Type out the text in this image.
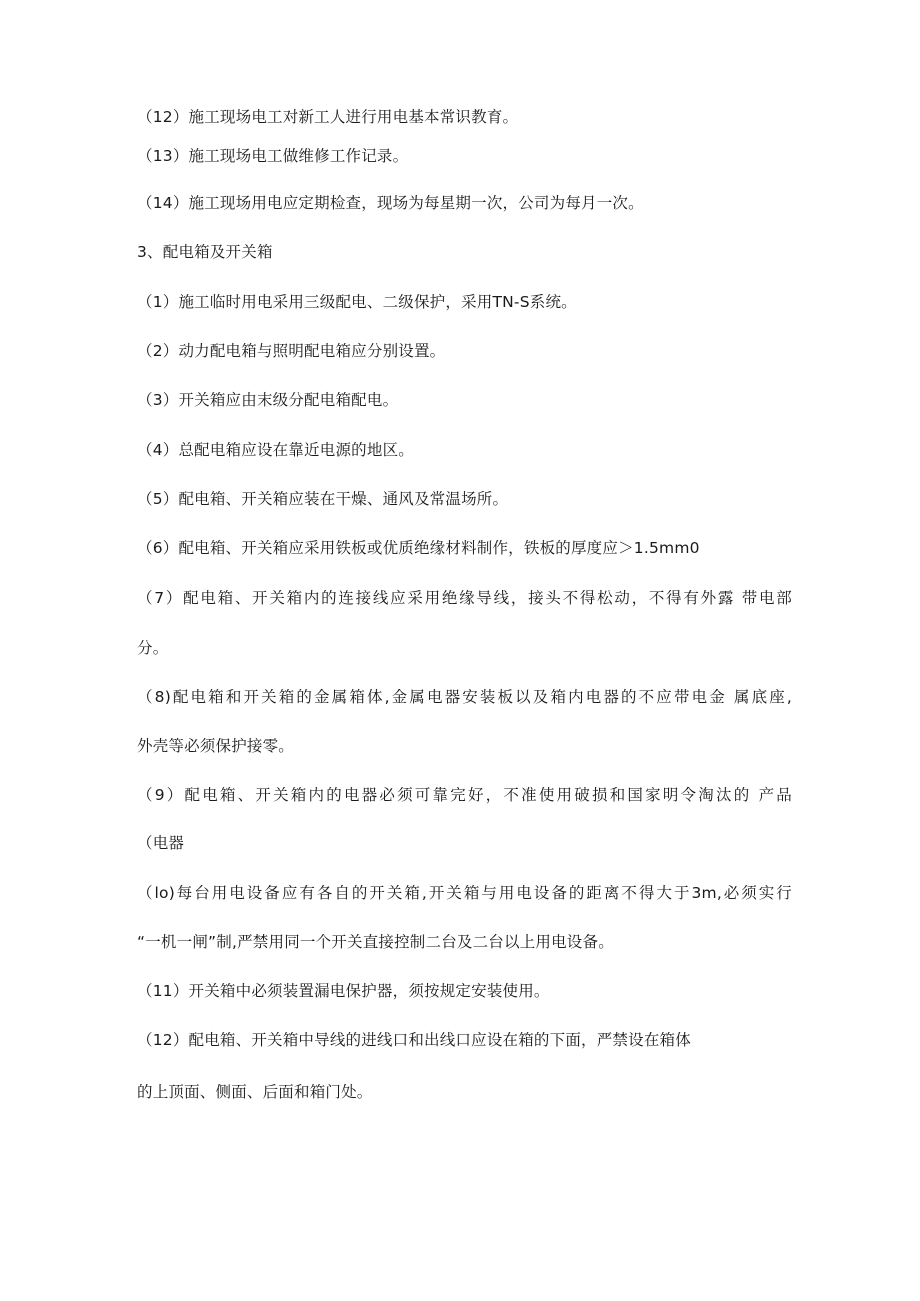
（12）施工现场电工对新工人进行用电基本常识教育。
（13）施工现场电工做维修工作记录。
（14）施工现场用电应定期检查，现场为每星期一次，公司为每月一次。
3、配电箱及开关箱
（1）施工临时用电采用三级配电、二级保护，采用TN-S系统。
（2）动力配电箱与照明配电箱应分别设置。
（3）开关箱应由末级分配电箱配电。
（4）总配电箱应设在靠近电源的地区。
（5）配电箱、开关箱应装在干燥、通风及常温场所。
（6）配电箱、开关箱应采用铁板或优质绝缘材料制作，铁板的厚度应＞1.5mm0
（7）配电箱、开关箱内的连接线应采用绝缘导线，接头不得松动，不得有外露 带电部
分。
（8)配电箱和开关箱的金属箱体,金属电器安装板以及箱内电器的不应带电金 属底座,
外壳等必须保护接零。
（9）配电箱、开关箱内的电器必须可靠完好，不准使用破损和国家明令淘汰的 产品
（电器
（lo)每台用电设备应有各自的开关箱,开关箱与用电设备的距离不得大于3m,必须实行
“一机一闸”制,严禁用同一个开关直接控制二台及二台以上用电设备。
（11）开关箱中必须装置漏电保护器，须按规定安装使用。
（12）配电箱、开关箱中导线的进线口和出线口应设在箱的下面，严禁设在箱体
的上顶面、侧面、后面和箱门处。
